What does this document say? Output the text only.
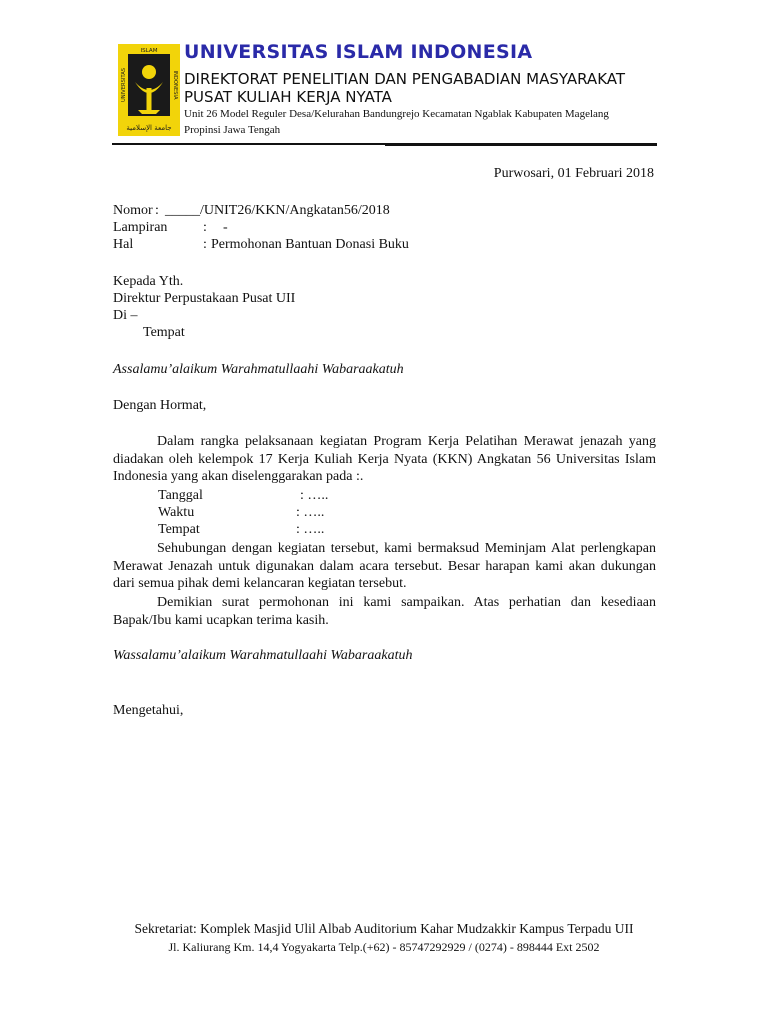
UNIVERSITAS
ISLAM
INDONESIA
جامعة الإسلامية
UNIVERSITAS ISLAM INDONESIA
DIREKTORAT PENELITIAN DAN PENGABADIAN MASYARAKAT
PUSAT KULIAH KERJA NYATA
Unit 26 Model Reguler Desa/Kelurahan Bandungrejo Kecamatan Ngablak Kabupaten Magelang
Propinsi Jawa Tengah
Purwosari, 01 Februari 2018
Nomor : _____/UNIT26/KKN/Angkatan56/2018
Lampiran	: -
Hal	: Permohonan Bantuan Donasi Buku
Kepada Yth.
Direktur Perpustakaan Pusat UII
Di –
Tempat
Assalamu’alaikum Warahmatullaahi Wabaraakatuh
Dengan Hormat,
Dalam rangka pelaksanaan kegiatan Program Kerja Pelatihan Merawat jenazah yang diadakan oleh kelempok 17 Kerja Kuliah Kerja Nyata (KKN) Angkatan 56 Universitas Islam Indonesia yang akan diselenggarakan pada :.
Tanggal	: …..
Waktu	: …..
Tempat	: …..
Sehubungan dengan kegiatan tersebut, kami bermaksud Meminjam Alat perlengkapan Merawat Jenazah untuk digunakan dalam acara tersebut. Besar harapan kami akan dukungan dari semua pihak demi kelancaran kegiatan tersebut.
Demikian surat permohonan ini kami sampaikan. Atas perhatian dan kesediaan Bapak/Ibu kami ucapkan terima kasih.
Wassalamu’alaikum Warahmatullaahi Wabaraakatuh
Mengetahui,
Sekretariat: Komplek Masjid Ulil Albab Auditorium Kahar Mudzakkir Kampus Terpadu UII
Jl. Kaliurang Km. 14,4 Yogyakarta Telp.(+62) - 85747292929 / (0274) - 898444 Ext 2502
